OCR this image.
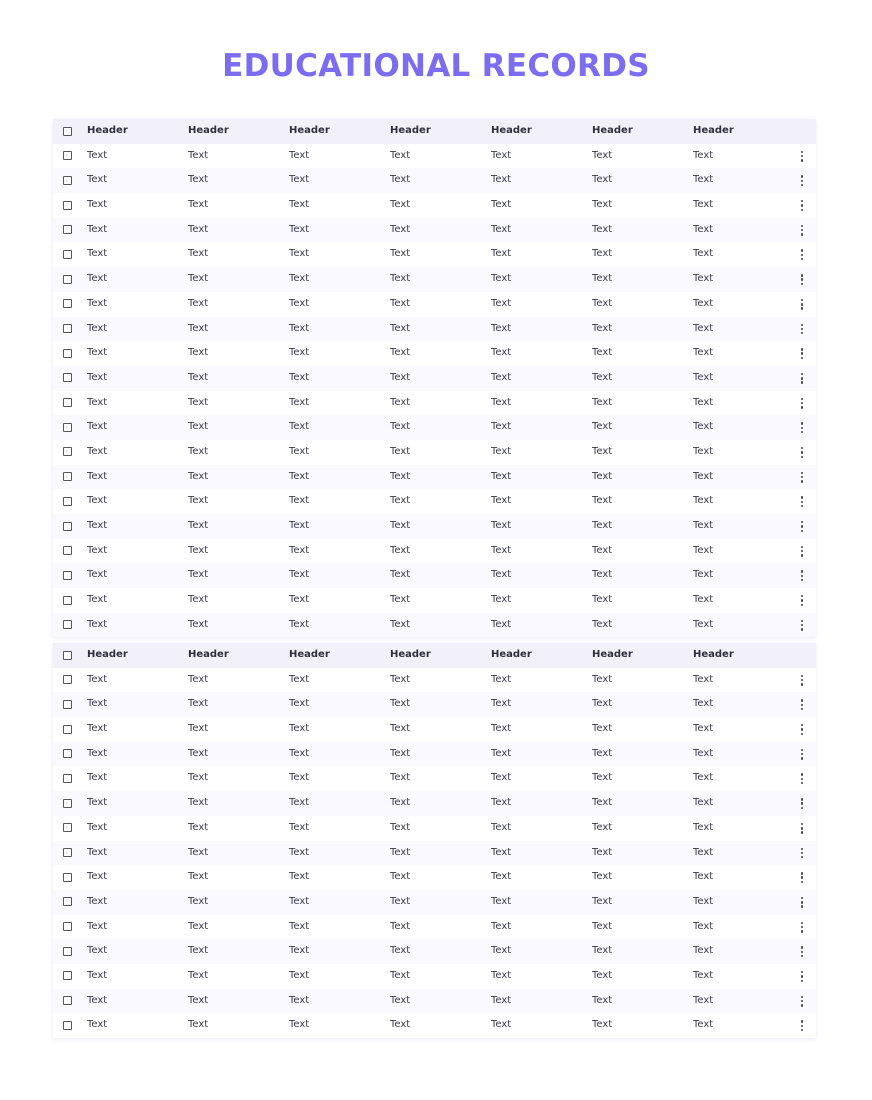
EDUCATIONAL RECORDS
Header	Header	Header	Header	Header	Header	Header
Text	Text	Text	Text	Text	Text	Text
Text	Text	Text	Text	Text	Text	Text
Text	Text	Text	Text	Text	Text	Text
Text	Text	Text	Text	Text	Text	Text
Text	Text	Text	Text	Text	Text	Text
Text	Text	Text	Text	Text	Text	Text
Text	Text	Text	Text	Text	Text	Text
Text	Text	Text	Text	Text	Text	Text
Text	Text	Text	Text	Text	Text	Text
Text	Text	Text	Text	Text	Text	Text
Text	Text	Text	Text	Text	Text	Text
Text	Text	Text	Text	Text	Text	Text
Text	Text	Text	Text	Text	Text	Text
Text	Text	Text	Text	Text	Text	Text
Text	Text	Text	Text	Text	Text	Text
Text	Text	Text	Text	Text	Text	Text
Text	Text	Text	Text	Text	Text	Text
Text	Text	Text	Text	Text	Text	Text
Text	Text	Text	Text	Text	Text	Text
Text	Text	Text	Text	Text	Text	Text
Header	Header	Header	Header	Header	Header	Header
Text	Text	Text	Text	Text	Text	Text
Text	Text	Text	Text	Text	Text	Text
Text	Text	Text	Text	Text	Text	Text
Text	Text	Text	Text	Text	Text	Text
Text	Text	Text	Text	Text	Text	Text
Text	Text	Text	Text	Text	Text	Text
Text	Text	Text	Text	Text	Text	Text
Text	Text	Text	Text	Text	Text	Text
Text	Text	Text	Text	Text	Text	Text
Text	Text	Text	Text	Text	Text	Text
Text	Text	Text	Text	Text	Text	Text
Text	Text	Text	Text	Text	Text	Text
Text	Text	Text	Text	Text	Text	Text
Text	Text	Text	Text	Text	Text	Text
Text	Text	Text	Text	Text	Text	Text
